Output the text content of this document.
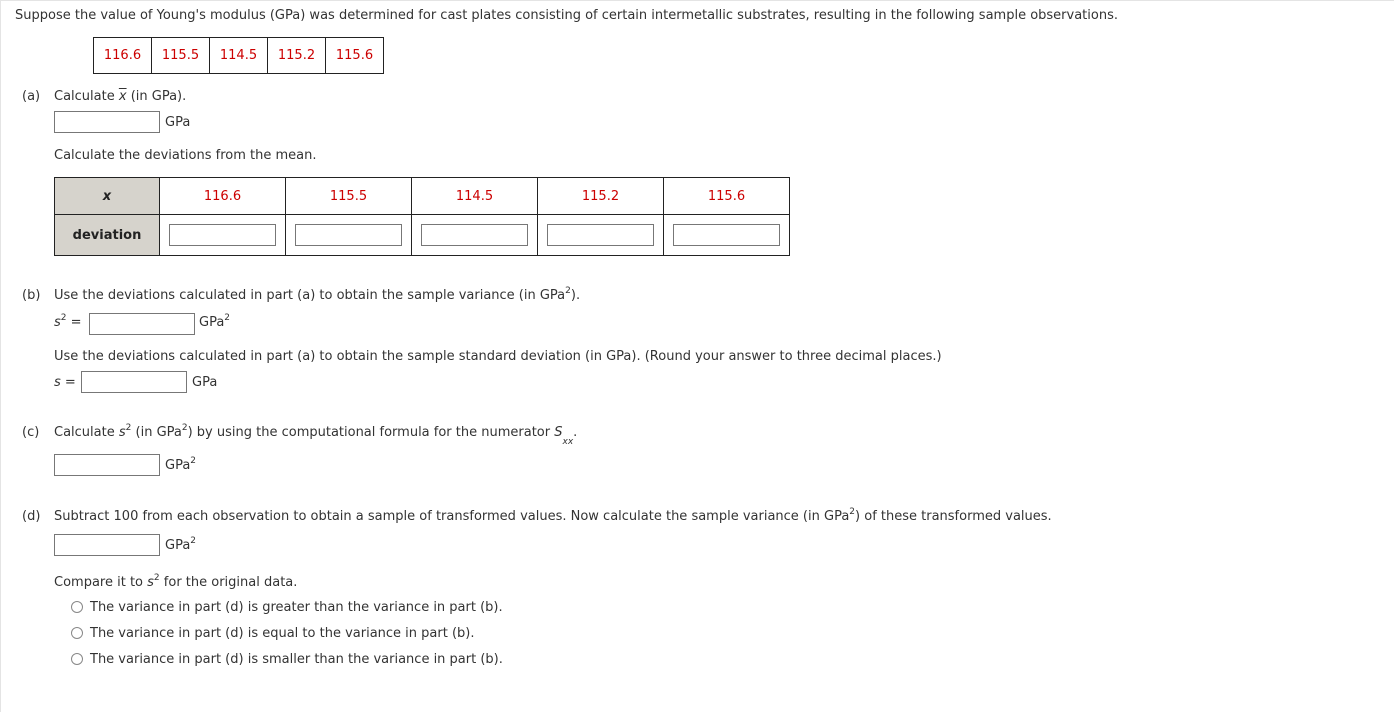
Suppose the value of Young's modulus (GPa) was determined for cast plates consisting of certain intermetallic substrates, resulting in the following sample observations.
116.6	115.5	114.5	115.2	115.6
(a) Calculate $\overline{x}$ (in GPa).
GPa
Calculate the deviations from the mean.
x	116.6	115.5	114.5	115.2	115.6
deviation					
(b) Use the deviations calculated in part (a) to obtain the sample variance (in GPa$^2$).
$s^2$ =	GPa$^2$
Use the deviations calculated in part (a) to obtain the sample standard deviation (in GPa). (Round your answer to three decimal places.)
s =	GPa
(c) Calculate $s^2$ (in GPa$^2$) by using the computational formula for the numerator $S_{xx}$.
GPa$^2$
(d) Subtract 100 from each observation to obtain a sample of transformed values. Now calculate the sample variance (in GPa$^2$) of these transformed values.
GPa$^2$
Compare it to $s^2$ for the original data.
The variance in part (d) is greater than the variance in part (b).
The variance in part (d) is equal to the variance in part (b).
The variance in part (d) is smaller than the variance in part (b).
